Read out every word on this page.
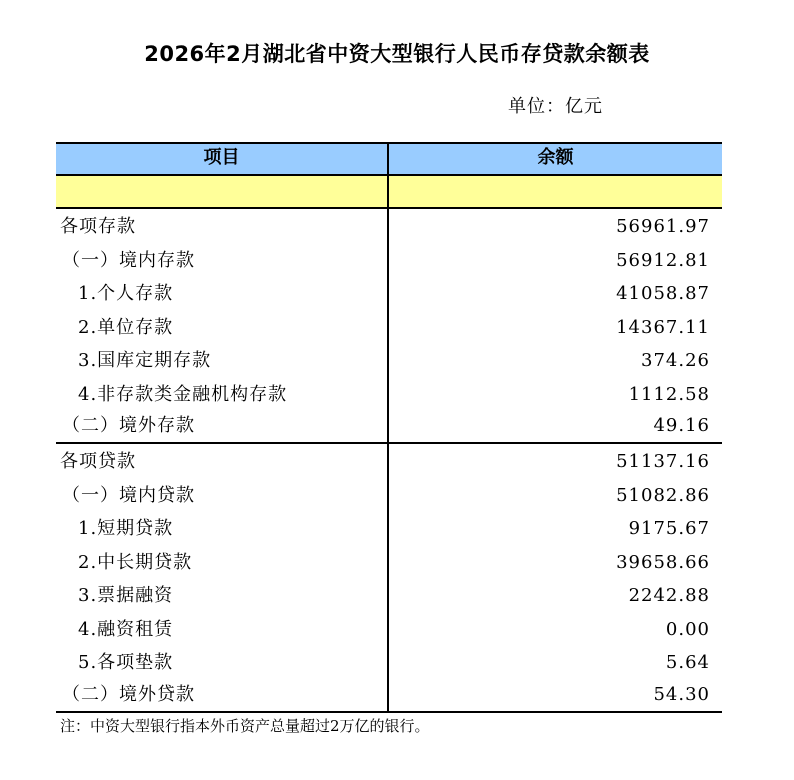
2026年2月湖北省中资大型银行人民币存贷款余额表
单位：亿元
项目	余额
各项存款	56961.97
（一）境内存款	56912.81
1.个人存款	41058.87
2.单位存款	14367.11
3.国库定期存款	374.26
4.非存款类金融机构存款	1112.58
（二）境外存款	49.16
各项贷款	51137.16
（一）境内贷款	51082.86
1.短期贷款	9175.67
2.中长期贷款	39658.66
3.票据融资	2242.88
4.融资租赁	0.00
5.各项垫款	5.64
（二）境外贷款	54.30
注：中资大型银行指本外币资产总量超过2万亿的银行。
